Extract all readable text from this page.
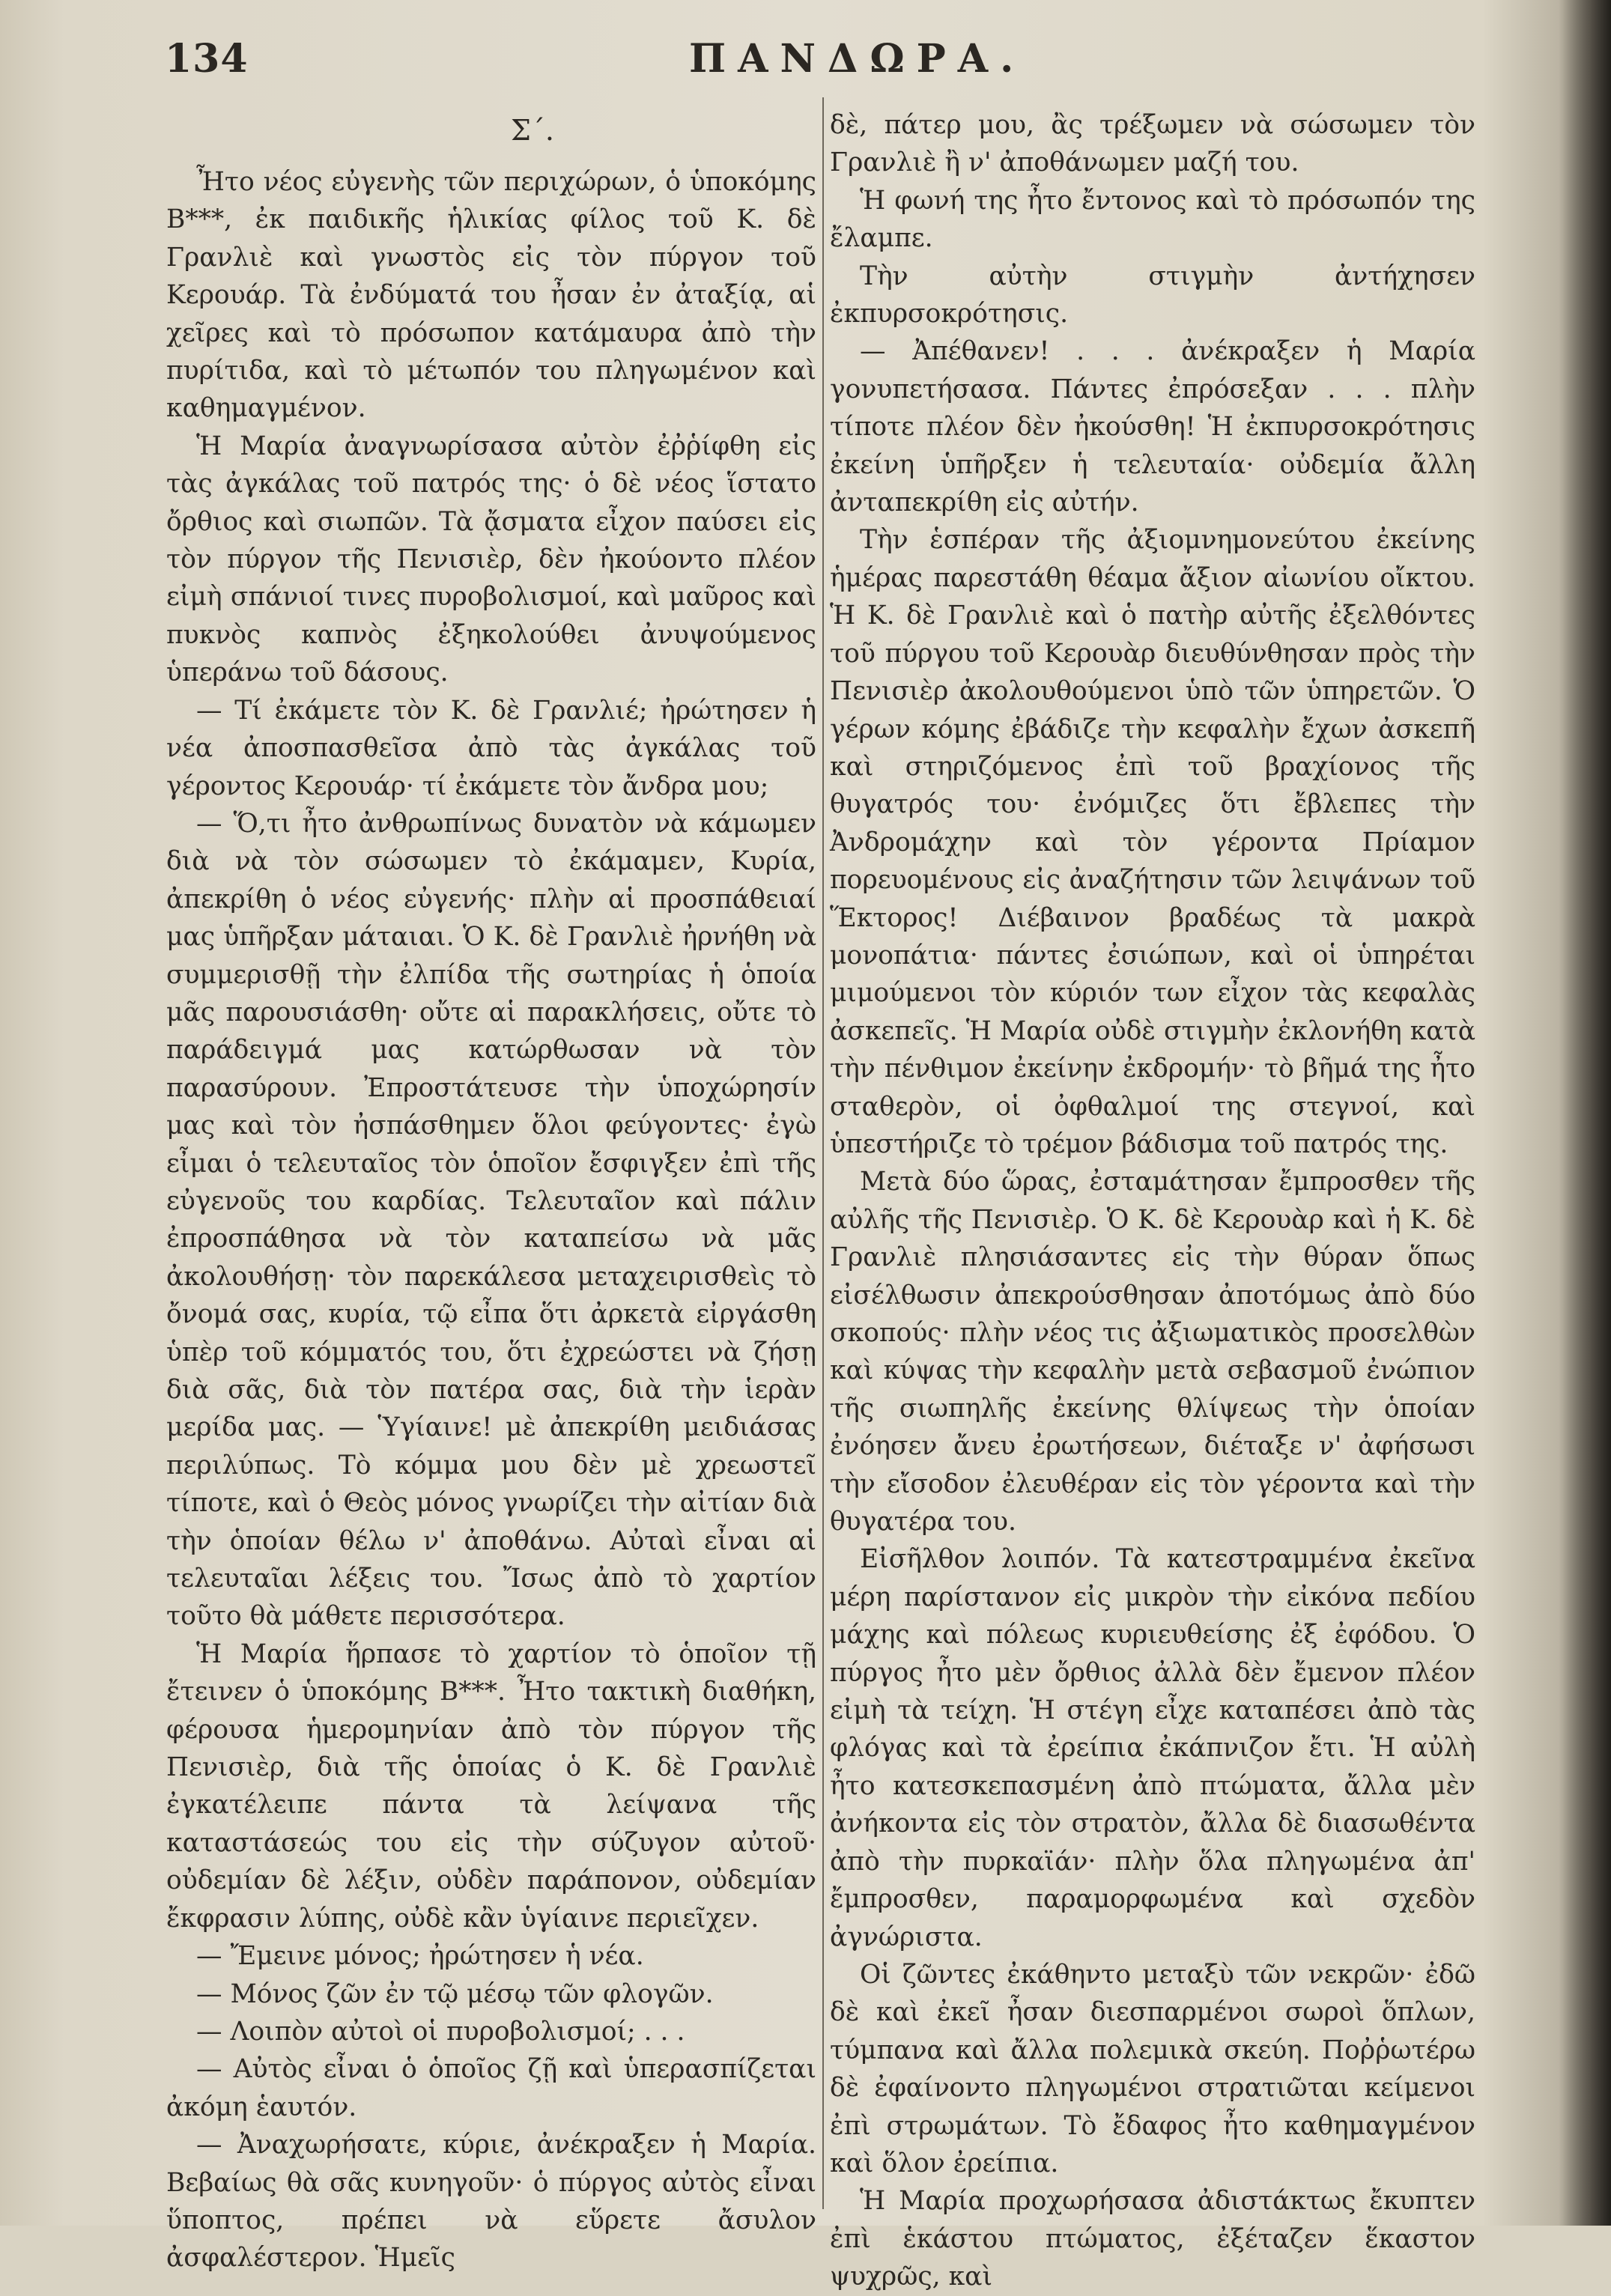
134	ΠΑΝΔΩΡΑ.
Σ΄.

Ἦτο νέος εὐγενὴς τῶν περιχώρων, ὁ ὑποκόμης Β***, ἐκ παιδικῆς ἡλικίας φίλος τοῦ Κ. δὲ Γρανλιὲ καὶ γνωστὸς εἰς τὸν πύργον τοῦ Κερουάρ. Τὰ ἐνδύματά του ἦσαν ἐν ἀταξίᾳ, αἱ χεῖρες καὶ τὸ πρόσωπον κατάμαυρα ἀπὸ τὴν πυρίτιδα, καὶ τὸ μέτωπόν του πληγωμένον καὶ καθημαγμένον.

Ἡ Μαρία ἀναγνωρίσασα αὐτὸν ἐῤῥίφθη εἰς τὰς ἀγκάλας τοῦ πατρός της· ὁ δὲ νέος ἵστατο ὄρθιος καὶ σιωπῶν. Τὰ ᾄσματα εἶχον παύσει εἰς τὸν πύργον τῆς Πενισιὲρ, δὲν ἠκούοντο πλέον εἰμὴ σπάνιοί τινες πυροβολισμοί, καὶ μαῦρος καὶ πυκνὸς καπνὸς ἐξηκολούθει ἀνυψούμενος ὑπεράνω τοῦ δάσους.

— Τί ἐκάμετε τὸν Κ. δὲ Γρανλιέ; ἠρώτησεν ἡ νέα ἀποσπασθεῖσα ἀπὸ τὰς ἀγκάλας τοῦ γέροντος Κερουάρ· τί ἐκάμετε τὸν ἄνδρα μου;

— Ὅ,τι ἦτο ἀνθρωπίνως δυνατὸν νὰ κάμωμεν διὰ νὰ τὸν σώσωμεν τὸ ἐκάμαμεν, Κυρία, ἀπεκρίθη ὁ νέος εὐγενής· πλὴν αἱ προσπάθειαί μας ὑπῆρξαν μάταιαι. Ὁ Κ. δὲ Γρανλιὲ ἠρνήθη νὰ συμμερισθῇ τὴν ἐλπίδα τῆς σωτηρίας ἡ ὁποία μᾶς παρουσιάσθη· οὔτε αἱ παρακλήσεις, οὔτε τὸ παράδειγμά μας κατώρθωσαν νὰ τὸν παρασύρουν. Ἐπροστάτευσε τὴν ὑποχώρησίν μας καὶ τὸν ἠσπάσθημεν ὅλοι φεύγοντες· ἐγὼ εἶμαι ὁ τελευταῖος τὸν ὁποῖον ἔσφιγξεν ἐπὶ τῆς εὐγενοῦς του καρδίας. Τελευταῖον καὶ πάλιν ἐπροσπάθησα νὰ τὸν καταπείσω νὰ μᾶς ἀκολουθήσῃ· τὸν παρεκάλεσα μεταχειρισθεὶς τὸ ὄνομά σας, κυρία, τῷ εἶπα ὅτι ἀρκετὰ εἰργάσθη ὑπὲρ τοῦ κόμματός του, ὅτι ἐχρεώστει νὰ ζήσῃ διὰ σᾶς, διὰ τὸν πατέρα σας, διὰ τὴν ἱερὰν μερίδα μας. — Ὑγίαινε! μὲ ἀπεκρίθη μειδιάσας περιλύπως. Τὸ κόμμα μου δὲν μὲ χρεωστεῖ τίποτε, καὶ ὁ Θεὸς μόνος γνωρίζει τὴν αἰτίαν διὰ τὴν ὁποίαν θέλω ν' ἀποθάνω. Αὐταὶ εἶναι αἱ τελευταῖαι λέξεις του. Ἴσως ἀπὸ τὸ χαρτίον τοῦτο θὰ μάθετε περισσότερα.

Ἡ Μαρία ἥρπασε τὸ χαρτίον τὸ ὁποῖον τῇ ἔτεινεν ὁ ὑποκόμης Β***. Ἦτο τακτικὴ διαθήκη, φέρουσα ἡμερομηνίαν ἀπὸ τὸν πύργον τῆς Πενισιὲρ, διὰ τῆς ὁποίας ὁ Κ. δὲ Γρανλιὲ ἐγκατέλειπε πάντα τὰ λείψανα τῆς καταστάσεώς του εἰς τὴν σύζυγον αὐτοῦ· οὐδεμίαν δὲ λέξιν, οὐδὲν παράπονον, οὐδεμίαν ἔκφρασιν λύπης, οὐδὲ κἂν ὑγίαινε περιεῖχεν.

— Ἔμεινε μόνος; ἠρώτησεν ἡ νέα.

— Μόνος ζῶν ἐν τῷ μέσῳ τῶν φλογῶν.

— Λοιπὸν αὐτοὶ οἱ πυροβολισμοί; . . .

— Αὐτὸς εἶναι ὁ ὁποῖος ζῇ καὶ ὑπερασπίζεται ἀκόμη ἑαυτόν.

— Ἀναχωρήσατε, κύριε, ἀνέκραξεν ἡ Μαρία. Βεβαίως θὰ σᾶς κυνηγοῦν· ὁ πύργος αὐτὸς εἶναι ὕποπτος, πρέπει νὰ εὕρετε ἄσυλον ἀσφαλέστερον. Ἡμεῖς

δὲ, πάτερ μου, ἂς τρέξωμεν νὰ σώσωμεν τὸν Γρανλιὲ ἢ ν' ἀποθάνωμεν μαζή του.

Ἡ φωνή της ἦτο ἔντονος καὶ τὸ πρόσωπόν της ἔλαμπε.

Τὴν αὐτὴν στιγμὴν ἀντήχησεν ἐκπυρσοκρότησις.

— Ἀπέθανεν! . . . ἀνέκραξεν ἡ Μαρία γονυπετήσασα. Πάντες ἐπρόσεξαν . . . πλὴν τίποτε πλέον δὲν ἠκούσθη! Ἡ ἐκπυρσοκρότησις ἐκείνη ὑπῆρξεν ἡ τελευταία· οὐδεμία ἄλλη ἀνταπεκρίθη εἰς αὐτήν.

Τὴν ἑσπέραν τῆς ἀξιομνημονεύτου ἐκείνης ἡμέρας παρεστάθη θέαμα ἄξιον αἰωνίου οἴκτου. Ἡ Κ. δὲ Γρανλιὲ καὶ ὁ πατὴρ αὐτῆς ἐξελθόντες τοῦ πύργου τοῦ Κερουὰρ διευθύνθησαν πρὸς τὴν Πενισιὲρ ἀκολουθούμενοι ὑπὸ τῶν ὑπηρετῶν. Ὁ γέρων κόμης ἐβάδιζε τὴν κεφαλὴν ἔχων ἀσκεπῆ καὶ στηριζόμενος ἐπὶ τοῦ βραχίονος τῆς θυγατρός του· ἐνόμιζες ὅτι ἔβλεπες τὴν Ἀνδρομάχην καὶ τὸν γέροντα Πρίαμον πορευομένους εἰς ἀναζήτησιν τῶν λειψάνων τοῦ Ἕκτορος! Διέβαινον βραδέως τὰ μακρὰ μονοπάτια· πάντες ἐσιώπων, καὶ οἱ ὑπηρέται μιμούμενοι τὸν κύριόν των εἶχον τὰς κεφαλὰς ἀσκεπεῖς. Ἡ Μαρία οὐδὲ στιγμὴν ἐκλονήθη κατὰ τὴν πένθιμον ἐκείνην ἐκδρομήν· τὸ βῆμά της ἦτο σταθερὸν, οἱ ὀφθαλμοί της στεγνοί, καὶ ὑπεστήριζε τὸ τρέμον βάδισμα τοῦ πατρός της.

Μετὰ δύο ὥρας, ἐσταμάτησαν ἔμπροσθεν τῆς αὐλῆς τῆς Πενισιὲρ. Ὁ Κ. δὲ Κερουὰρ καὶ ἡ Κ. δὲ Γρανλιὲ πλησιάσαντες εἰς τὴν θύραν ὅπως εἰσέλθωσιν ἀπεκρούσθησαν ἀποτόμως ἀπὸ δύο σκοπούς· πλὴν νέος τις ἀξιωματικὸς προσελθὼν καὶ κύψας τὴν κεφαλὴν μετὰ σεβασμοῦ ἐνώπιον τῆς σιωπηλῆς ἐκείνης θλίψεως τὴν ὁποίαν ἐνόησεν ἄνευ ἐρωτήσεων, διέταξε ν' ἀφήσωσι τὴν εἴσοδον ἐλευθέραν εἰς τὸν γέροντα καὶ τὴν θυγατέρα του.

Εἰσῆλθον λοιπόν. Τὰ κατεστραμμένα ἐκεῖνα μέρη παρίστανον εἰς μικρὸν τὴν εἰκόνα πεδίου μάχης καὶ πόλεως κυριευθείσης ἐξ ἐφόδου. Ὁ πύργος ἦτο μὲν ὄρθιος ἀλλὰ δὲν ἔμενον πλέον εἰμὴ τὰ τείχη. Ἡ στέγη εἶχε καταπέσει ἀπὸ τὰς φλόγας καὶ τὰ ἐρείπια ἐκάπνιζον ἔτι. Ἡ αὐλὴ ἦτο κατεσκεπασμένη ἀπὸ πτώματα, ἄλλα μὲν ἀνήκοντα εἰς τὸν στρατὸν, ἄλλα δὲ διασωθέντα ἀπὸ τὴν πυρκαϊάν· πλὴν ὅλα πληγωμένα ἀπ' ἔμπροσθεν, παραμορφωμένα καὶ σχεδὸν ἀγνώριστα.

Οἱ ζῶντες ἐκάθηντο μεταξὺ τῶν νεκρῶν· ἐδῶ δὲ καὶ ἐκεῖ ἦσαν διεσπαρμένοι σωροὶ ὅπλων, τύμπανα καὶ ἄλλα πολεμικὰ σκεύη. Ποῤῥωτέρω δὲ ἐφαίνοντο πληγωμένοι στρατιῶται κείμενοι ἐπὶ στρωμάτων. Τὸ ἔδαφος ἦτο καθημαγμένον καὶ ὅλον ἐρείπια.

Ἡ Μαρία προχωρήσασα ἀδιστάκτως ἔκυπτεν ἐπὶ ἑκάστου πτώματος, ἐξέταζεν ἕκαστον ψυχρῶς, καὶ
